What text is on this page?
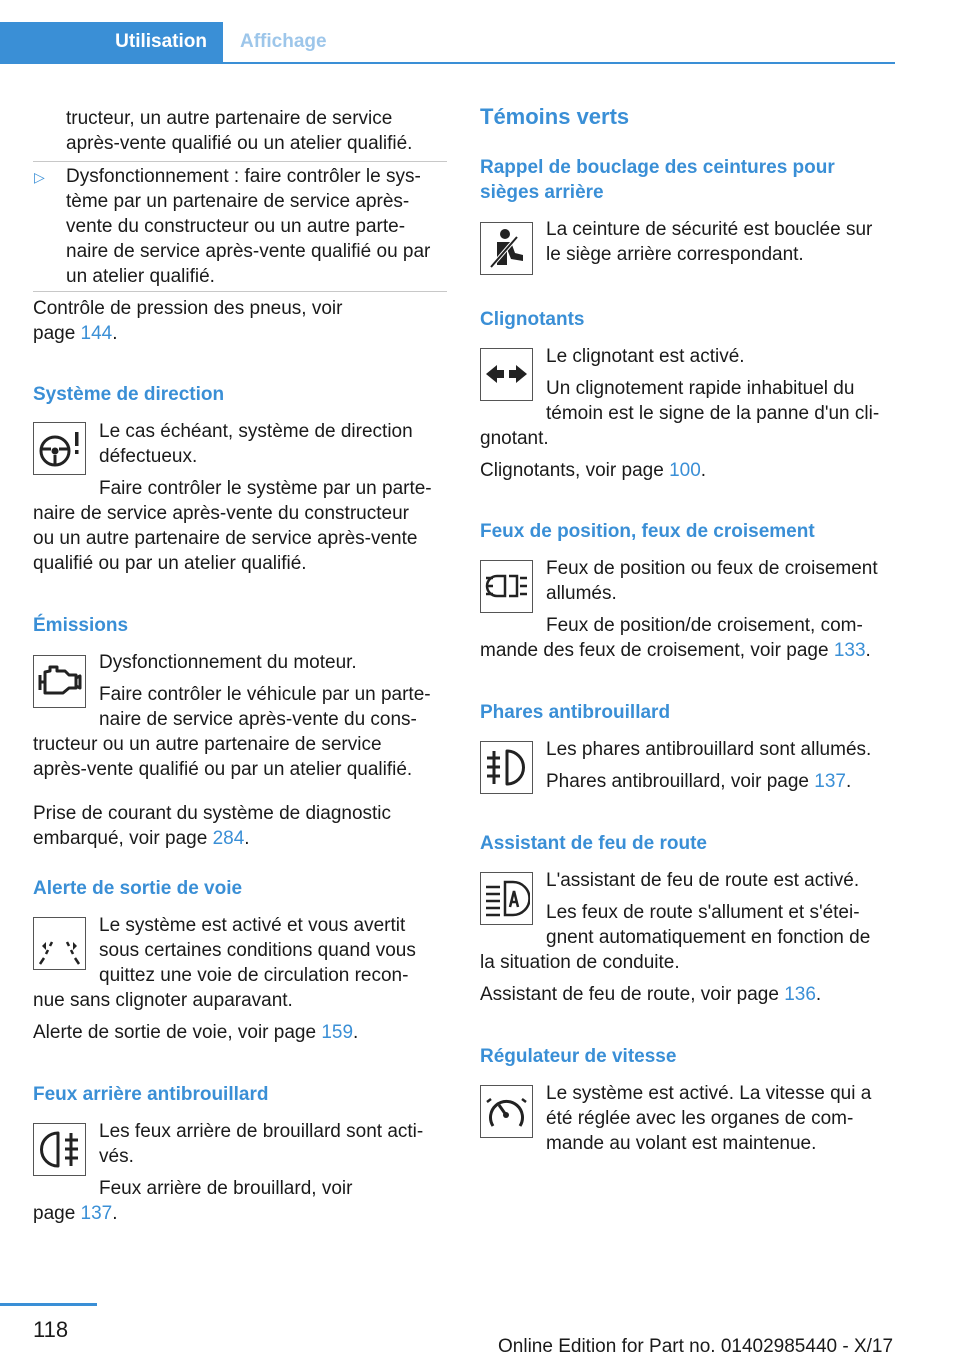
Utilisation Affichage

tructeur, un autre partenaire de service

après-vente qualifié ou un atelier qualifié.

▷ Dysfonctionnement : faire contrôler le sys-

tème par un partenaire de service après-

vente du constructeur ou un autre parte-

naire de service après-vente qualifié ou par

un atelier qualifié.

Contrôle de pression des pneus, voir

page 144.

Système de direction

Le cas échéant, système de direction

défectueux.

Faire contrôler le système par un parte-

naire de service après-vente du constructeur

ou un autre partenaire de service après-vente

qualifié ou par un atelier qualifié.

Émissions

Dysfonctionnement du moteur.

Faire contrôler le véhicule par un parte-

naire de service après-vente du cons-

tructeur ou un autre partenaire de service

après-vente qualifié ou par un atelier qualifié.

Prise de courant du système de diagnostic

embarqué, voir page 284.

Alerte de sortie de voie

Le système est activé et vous avertit

sous certaines conditions quand vous

quittez une voie de circulation recon-

nue sans clignoter auparavant.

Alerte de sortie de voie, voir page 159.

Feux arrière antibrouillard

Les feux arrière de brouillard sont acti-

vés.

Feux arrière de brouillard, voir

page 137.

Témoins verts

Rappel de bouclage des ceintures pour

sièges arrière

La ceinture de sécurité est bouclée sur

le siège arrière correspondant.

Clignotants

Le clignotant est activé.

Un clignotement rapide inhabituel du

témoin est le signe de la panne d'un cli-

gnotant.

Clignotants, voir page 100.

Feux de position, feux de croisement

Feux de position ou feux de croisement

allumés.

Feux de position/de croisement, com-

mande des feux de croisement, voir page 133.

Phares antibrouillard

Les phares antibrouillard sont allumés.

Phares antibrouillard, voir page 137.

Assistant de feu de route

L'assistant de feu de route est activé.

Les feux de route s'allument et s'étei-

gnent automatiquement en fonction de

la situation de conduite.

Assistant de feu de route, voir page 136.

Régulateur de vitesse

Le système est activé. La vitesse qui a

été réglée avec les organes de com-

mande au volant est maintenue.

118
Online Edition for Part no. 01402985440 - X/17
